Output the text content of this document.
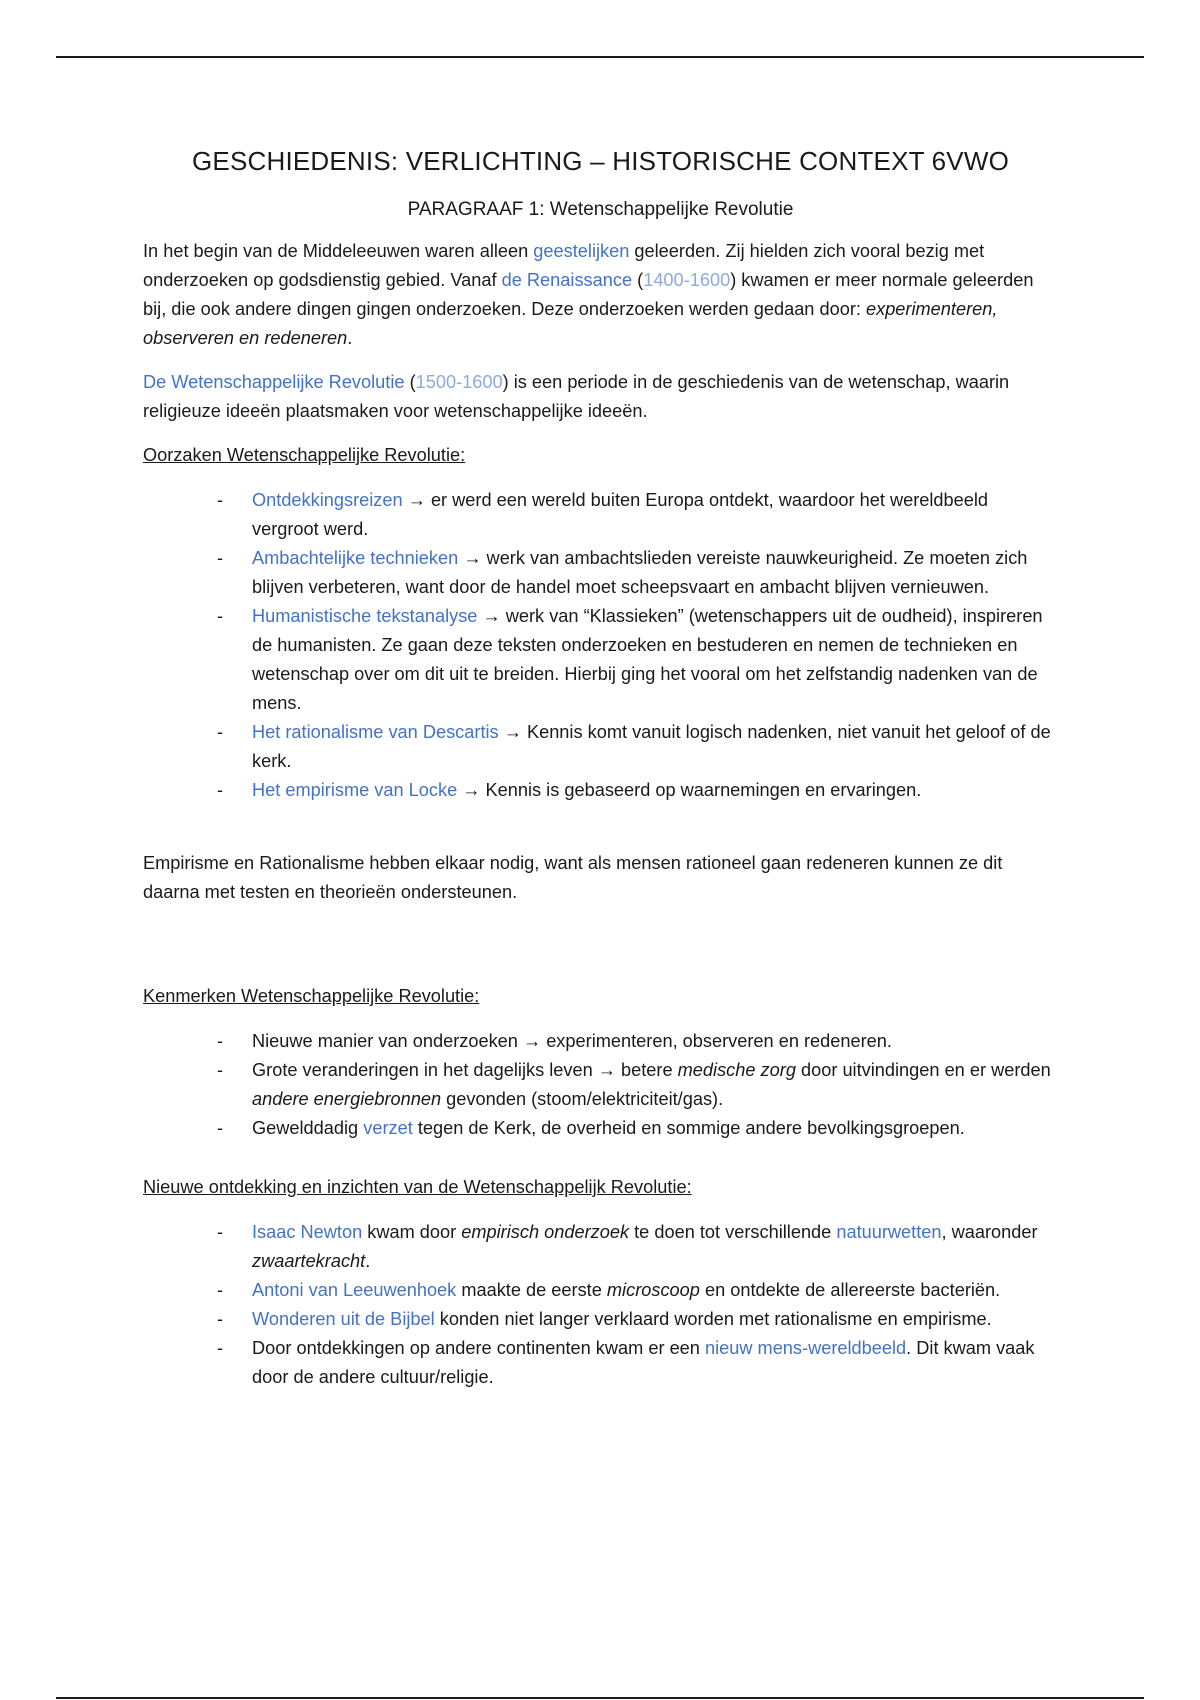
GESCHIEDENIS: VERLICHTING – HISTORISCHE CONTEXT 6VWO
PARAGRAAF 1: Wetenschappelijke Revolutie

In het begin van de Middeleeuwen waren alleen geestelijken geleerden. Zij hielden zich vooral bezig met onderzoeken op godsdienstig gebied. Vanaf de Renaissance (1400-1600) kwamen er meer normale geleerden bij, die ook andere dingen gingen onderzoeken. Deze onderzoeken werden gedaan door: experimenteren, observeren en redeneren.

De Wetenschappelijke Revolutie (1500-1600) is een periode in de geschiedenis van de wetenschap, waarin religieuze ideeën plaatsmaken voor wetenschappelijke ideeën.

Oorzaken Wetenschappelijke Revolutie:
- Ontdekkingsreizen → er werd een wereld buiten Europa ontdekt, waardoor het wereldbeeld vergroot werd.
- Ambachtelijke technieken → werk van ambachtslieden vereiste nauwkeurigheid. Ze moeten zich blijven verbeteren, want door de handel moet scheepsvaart en ambacht blijven vernieuwen.
- Humanistische tekstanalyse → werk van “Klassieken” (wetenschappers uit de oudheid), inspireren de humanisten. Ze gaan deze teksten onderzoeken en bestuderen en nemen de technieken en wetenschap over om dit uit te breiden. Hierbij ging het vooral om het zelfstandig nadenken van de mens.
- Het rationalisme van Descartis → Kennis komt vanuit logisch nadenken, niet vanuit het geloof of de kerk.
- Het empirisme van Locke → Kennis is gebaseerd op waarnemingen en ervaringen.

Empirisme en Rationalisme hebben elkaar nodig, want als mensen rationeel gaan redeneren kunnen ze dit daarna met testen en theorieën ondersteunen.

Kenmerken Wetenschappelijke Revolutie:
- Nieuwe manier van onderzoeken → experimenteren, observeren en redeneren.
- Grote veranderingen in het dagelijks leven → betere medische zorg door uitvindingen en er werden andere energiebronnen gevonden (stoom/elektriciteit/gas).
- Gewelddadig verzet tegen de Kerk, de overheid en sommige andere bevolkingsgroepen.
Nieuwe ontdekking en inzichten van de Wetenschappelijk Revolutie:
- Isaac Newton kwam door empirisch onderzoek te doen tot verschillende natuurwetten, waaronder zwaartekracht.
- Antoni van Leeuwenhoek maakte de eerste microscoop en ontdekte de allereerste bacteriën.
- Wonderen uit de Bijbel konden niet langer verklaard worden met rationalisme en empirisme.
- Door ontdekkingen op andere continenten kwam er een nieuw mens-wereldbeeld. Dit kwam vaak door de andere cultuur/religie.
